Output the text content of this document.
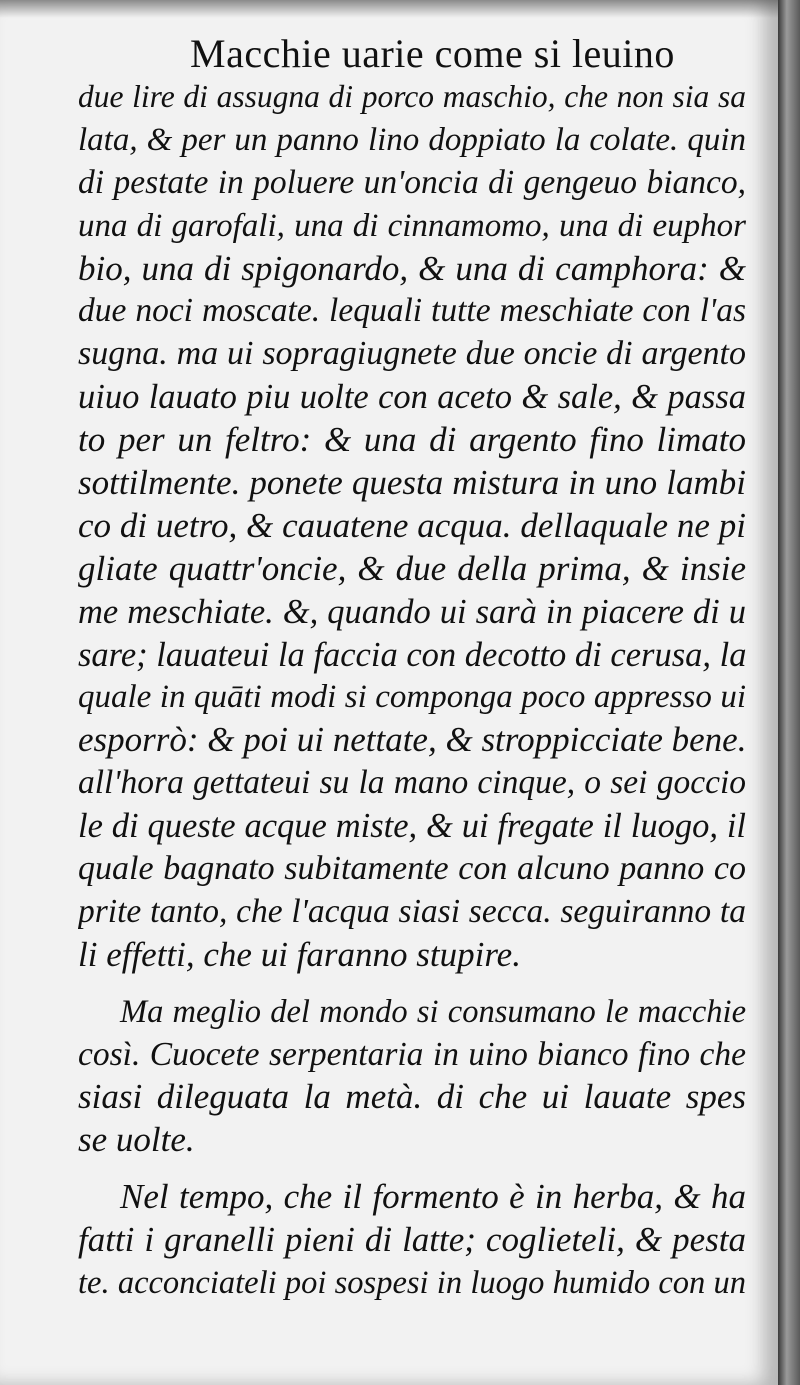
Macchie uarie come si leuino
due lire di assugna di porco maschio, che non sia sa
lata, & per un panno lino doppiato la colate. quin
di pestate in poluere un'oncia di gengeuo bianco,
una di garofali, una di cinnamomo, una di euphor
bio, una di spigonardo, & una di camphora: &
due noci moscate. lequali tutte meschiate con l'as
sugna. ma ui sopragiugnete due oncie di argento
uiuo lauato piu uolte con aceto & sale, & passa
to per un feltro: & una di argento fino limato
sottilmente. ponete questa mistura in uno lambi
co di uetro, & cauatene acqua. dellaquale ne pi
gliate quattr'oncie, & due della prima, & insie
me meschiate. &, quando ui sarà in piacere di u
sare; lauateui la faccia con decotto di cerusa, la
quale in quāti modi si componga poco appresso ui
esporrò: & poi ui nettate, & stroppicciate bene.
all'hora gettateui su la mano cinque, o sei goccio
le di queste acque miste, & ui fregate il luogo, il
quale bagnato subitamente con alcuno panno co
prite tanto, che l'acqua siasi secca. seguiranno ta
li effetti, che ui faranno stupire.
Ma meglio del mondo si consumano le macchie
così. Cuocete serpentaria in uino bianco fino che
siasi dileguata la metà. di che ui lauate spes
se uolte.
Nel tempo, che il formento è in herba, & ha
fatti i granelli pieni di latte; coglieteli, & pesta
te. acconciateli poi sospesi in luogo humido con un
